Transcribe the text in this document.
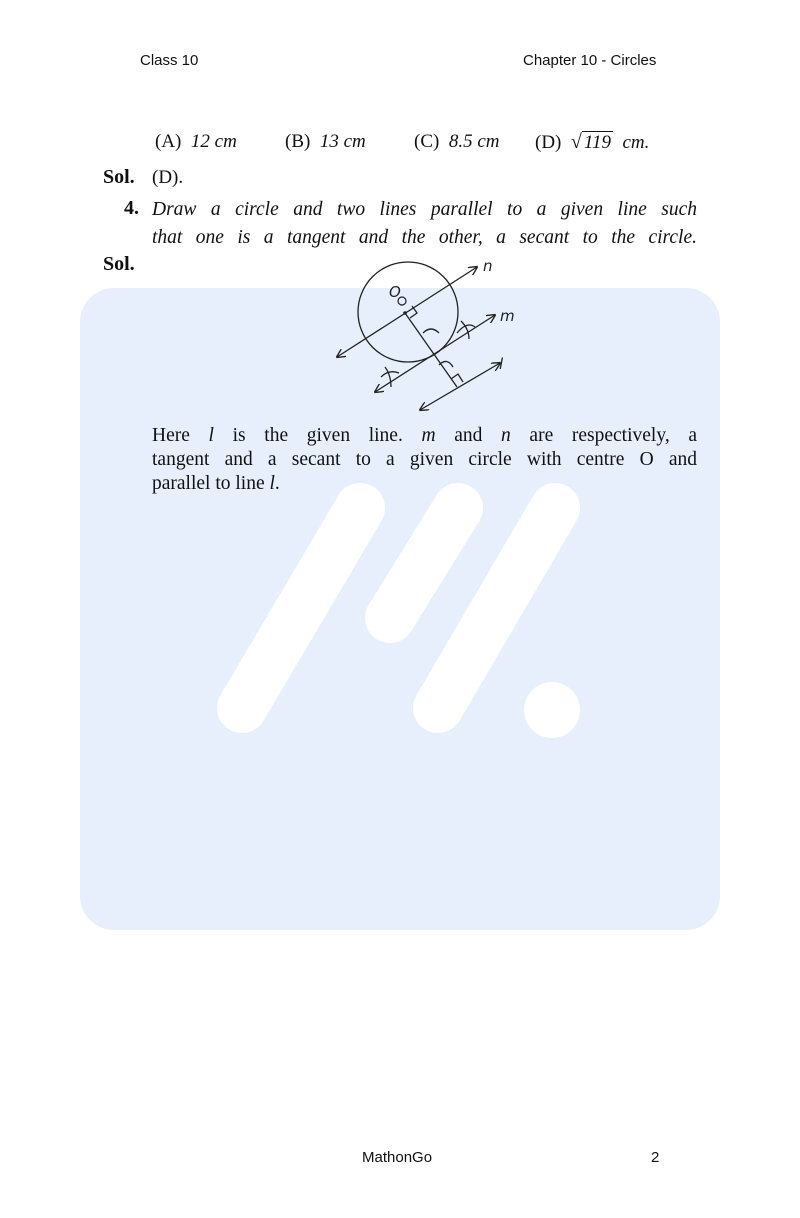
Class 10	Chapter 10 - Circles
(A) 12 cm	(B) 13 cm	(C) 8.5 cm (D) √ 119 cm.
Sol. (D).
4. Draw a circle and two lines parallel to a given line such
that one is a tangent and the other, a secant to the circle.
Sol.	n
m
l
O
Here l is the given line. m and n are respectively, a
tangent and a secant to a given circle with centre O and
parallel to line l.
MathonGo	2
